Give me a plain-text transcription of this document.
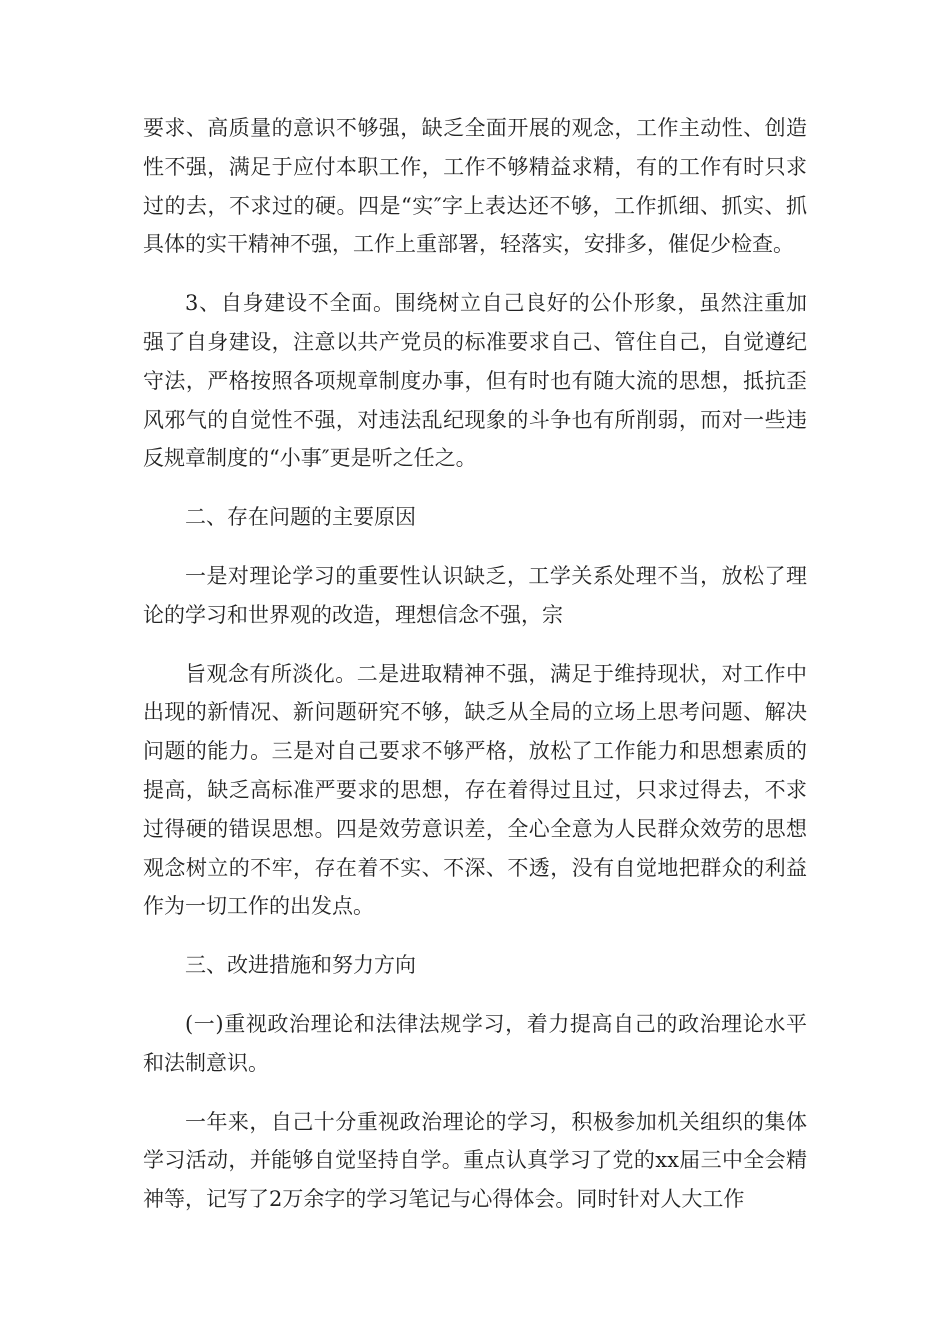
要求、高质量的意识不够强，缺乏全面开展的观念，工作主动性、创造性不强，满足于应付本职工作，工作不够精益求精，有的工作有时只求过的去，不求过的硬。四是“实″字上表达还不够，工作抓细、抓实、抓具体的实干精神不强，工作上重部署，轻落实，安排多，催促少检查。

3、自身建设不全面。围绕树立自己良好的公仆形象，虽然注重加强了自身建设，注意以共产党员的标准要求自己、管住自己，自觉遵纪守法，严格按照各项规章制度办事，但有时也有随大流的思想，抵抗歪风邪气的自觉性不强，对违法乱纪现象的斗争也有所削弱，而对一些违反规章制度的“小事″更是听之任之。

二、存在问题的主要原因

一是对理论学习的重要性认识缺乏，工学关系处理不当，放松了理论的学习和世界观的改造，理想信念不强，宗

旨观念有所淡化。二是进取精神不强，满足于维持现状，对工作中出现的新情况、新问题研究不够，缺乏从全局的立场上思考问题、解决问题的能力。三是对自己要求不够严格，放松了工作能力和思想素质的提高，缺乏高标准严要求的思想，存在着得过且过，只求过得去，不求过得硬的错误思想。四是效劳意识差，全心全意为人民群众效劳的思想观念树立的不牢，存在着不实、不深、不透，没有自觉地把群众的利益作为一切工作的出发点。

三、改进措施和努力方向

(一)重视政治理论和法律法规学习，着力提高自己的政治理论水平和法制意识。

一年来，自己十分重视政治理论的学习，积极参加机关组织的集体学习活动，并能够自觉坚持自学。重点认真学习了党的xx届三中全会精神等，记写了2万余字的学习笔记与心得体会。同时针对人大工作
